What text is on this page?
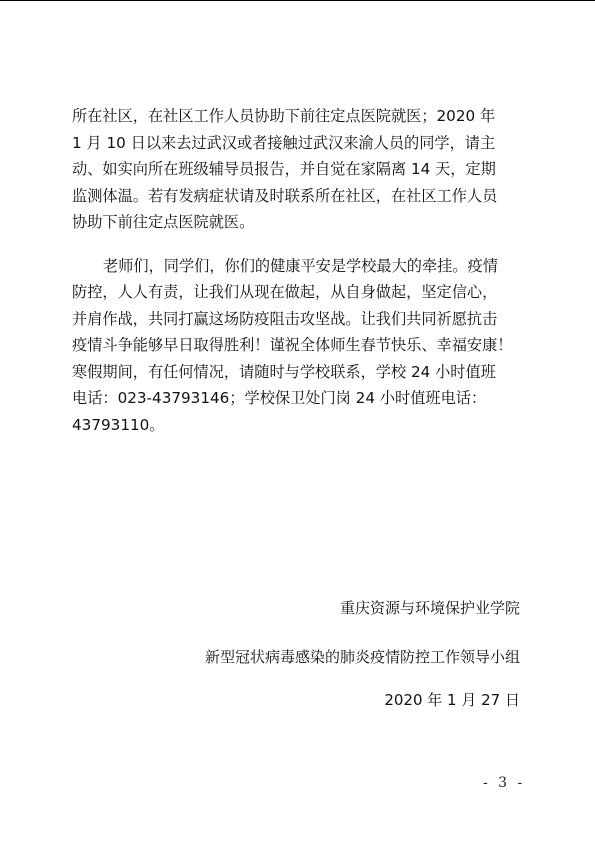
所在社区，在社区工作人员协助下前往定点医院就医；2020 年

1 月 10 日以来去过武汉或者接触过武汉来渝人员的同学，请主

动、如实向所在班级辅导员报告，并自觉在家隔离 14 天，定期

监测体温。若有发病症状请及时联系所在社区，在社区工作人员

协助下前往定点医院就医。

老师们，同学们，你们的健康平安是学校最大的牵挂。疫情

防控，人人有责，让我们从现在做起，从自身做起，坚定信心，

并肩作战，共同打赢这场防疫阻击攻坚战。让我们共同祈愿抗击

疫情斗争能够早日取得胜利！谨祝全体师生春节快乐、幸福安康！

寒假期间，有任何情况，请随时与学校联系，学校 24 小时值班

电话：023-43793146；学校保卫处门岗 24 小时值班电话：

43793110。

重庆资源与环境保护业学院
新型冠状病毒感染的肺炎疫情防控工作领导小组
2020 年 1 月 27 日
- 3 -
